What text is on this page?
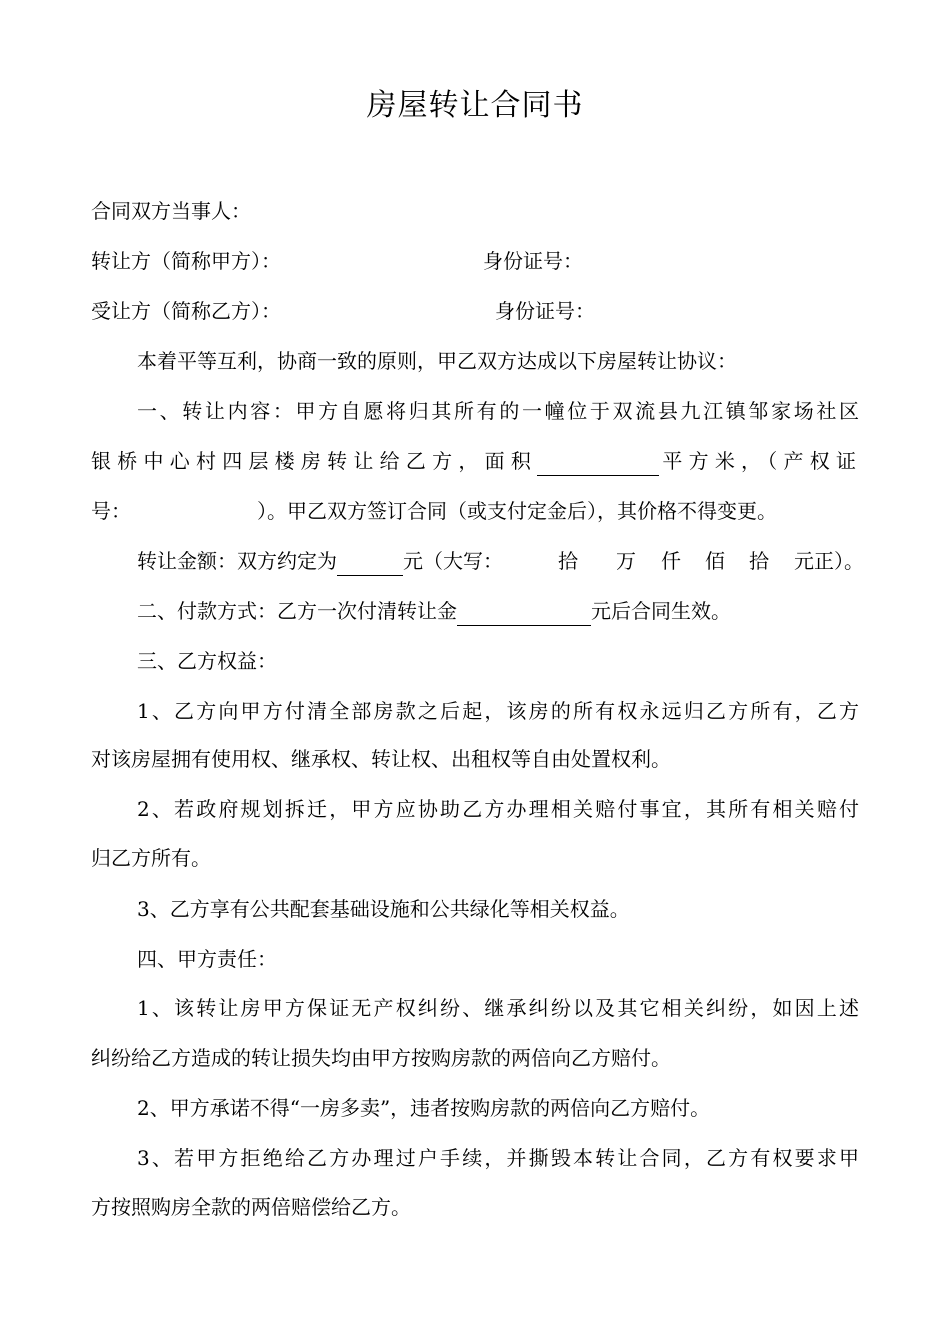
房屋转让合同书
合同双方当事人：
转让方（简称甲方）：	身份证号：
受让方（简称乙方）：	身份证号：
本着平等互利，协商一致的原则，甲乙双方达成以下房屋转让协议：
一、转让内容：甲方自愿将归其所有的一幢位于双流县九江镇邹家场社区
银桥中心村四层楼房转让给乙方，面积	平方米，（产权证
号：	）。甲乙双方签订合同（或支付定金后），其价格不得变更。
转让金额：双方约定为	元（大写：	拾 万 仟 佰 拾 元正）。
二、付款方式：乙方一次付清转让金	元后合同生效。
三、乙方权益：
1、乙方向甲方付清全部房款之后起，该房的所有权永远归乙方所有，乙方
对该房屋拥有使用权、继承权、转让权、出租权等自由处置权利。
2、若政府规划拆迁，甲方应协助乙方办理相关赔付事宜，其所有相关赔付
归乙方所有。
3、乙方享有公共配套基础设施和公共绿化等相关权益。
四、甲方责任：
1、该转让房甲方保证无产权纠纷、继承纠纷以及其它相关纠纷，如因上述
纠纷给乙方造成的转让损失均由甲方按购房款的两倍向乙方赔付。
2、甲方承诺不得“一房多卖”，违者按购房款的两倍向乙方赔付。
3、若甲方拒绝给乙方办理过户手续，并撕毁本转让合同，乙方有权要求甲
方按照购房全款的两倍赔偿给乙方。
